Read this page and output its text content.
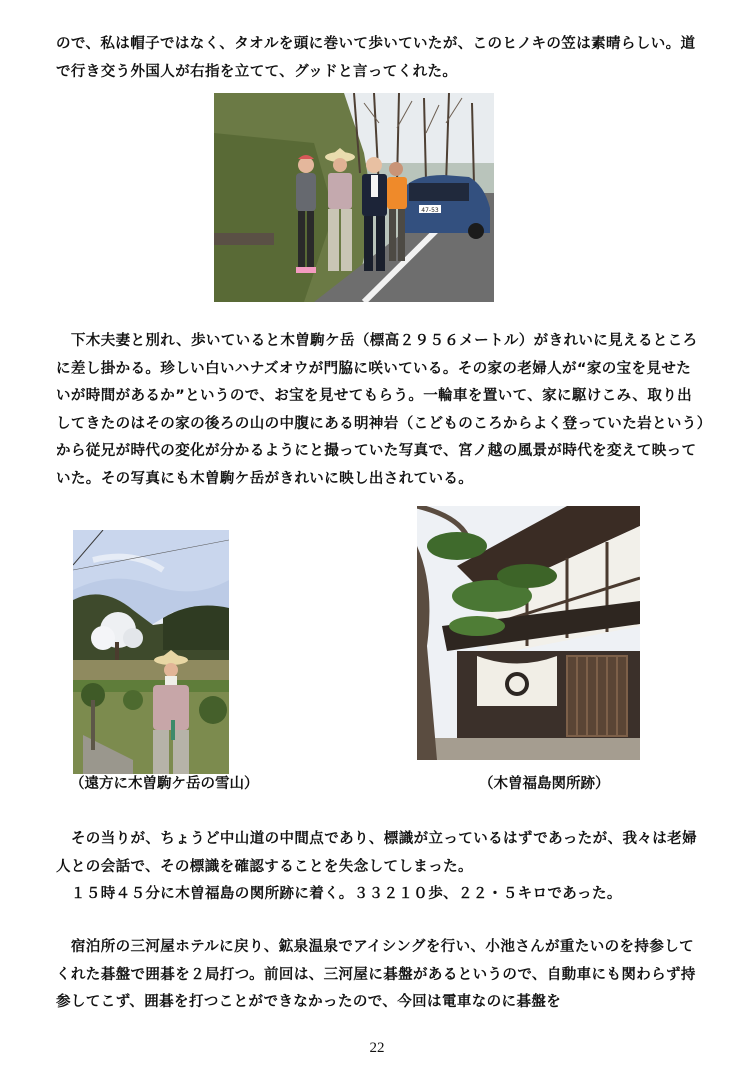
ので、私は帽子ではなく、タオルを頭に巻いて歩いていたが、このヒノキの笠は素晴らしい。道で行き交う外国人が右指を立てて、グッドと言ってくれた。

47-53

　下木夫妻と別れ、歩いていると木曽駒ケ岳（標高２９５６メートル）がきれいに見えるところに差し掛かる。珍しい白いハナズオウが門脇に咲いている。その家の老婦人が“家の宝を見せたいが時間があるか”というので、お宝を見せてもらう。一輪車を置いて、家に駆けこみ、取り出してきたのはその家の後ろの山の中腹にある明神岩（こどものころからよく登っていた岩という）から従兄が時代の変化が分かるようにと撮っていた写真で、宮ノ越の風景が時代を変えて映っていた。その写真にも木曽駒ケ岳がきれいに映し出されている。

（遠方に木曽駒ケ岳の雪山）	（木曽福島関所跡）

　その当りが、ちょうど中山道の中間点であり、標識が立っているはずであったが、我々は老婦人との会話で、その標識を確認することを失念してしまった。

　１５時４５分に木曽福島の関所跡に着く。３３２１０歩、２２・５キロであった。

　宿泊所の三河屋ホテルに戻り、鉱泉温泉でアイシングを行い、小池さんが重たいのを持参してくれた碁盤で囲碁を２局打つ。前回は、三河屋に碁盤があるというので、自動車にも関わらず持参してこず、囲碁を打つことができなかったので、今回は電車なのに碁盤を

22
